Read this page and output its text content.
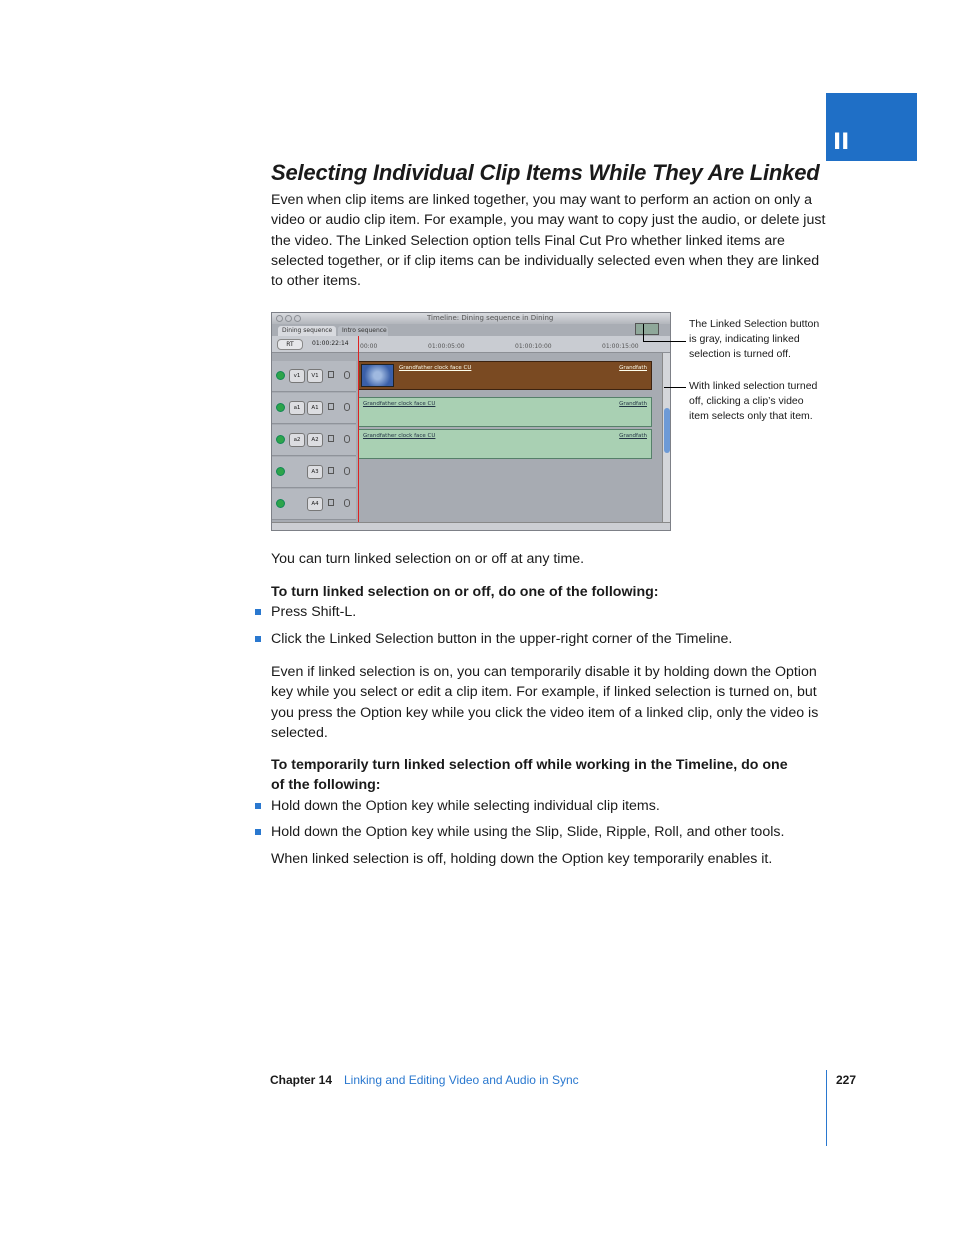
II
Selecting Individual Clip Items While They Are Linked

Even when clip items are linked together, you may want to perform an action on only a video or audio clip item. For example, you may want to copy just the audio, or delete just the video. The Linked Selection option tells Final Cut Pro whether linked items are selected together, or if clip items can be individually selected even when they are linked to other items.

Timeline: Dining sequence in Dining
Dining sequence	Intro sequence
RT	01:00:22:14 00:00	01:00:05:00	01:00:10:00	01:00:15:00
v1	V1
a1	A1
a2	A2
A3
A4
Grandfather clock face CU	Grandfath
Grandfather clock face CU	Grandfath
Grandfather clock face CU	Grandfath
The Linked Selection button is gray, indicating linked selection is turned off.
With linked selection turned off, clicking a clip’s video item selects only that item.

You can turn linked selection on or off at any time.

To turn linked selection on or off, do one of the following:

Press Shift-L.
Click the Linked Selection button in the upper-right corner of the Timeline.

Even if linked selection is on, you can temporarily disable it by holding down the Option key while you select or edit a clip item. For example, if linked selection is turned on, but you press the Option key while you click the video item of a linked clip, only the video is selected.

To temporarily turn linked selection off while working in the Timeline, do one of the following:

Hold down the Option key while selecting individual clip items.
Hold down the Option key while using the Slip, Slide, Ripple, Roll, and other tools.

When linked selection is off, holding down the Option key temporarily enables it.

Chapter 14 Linking and Editing Video and Audio in Sync	227
